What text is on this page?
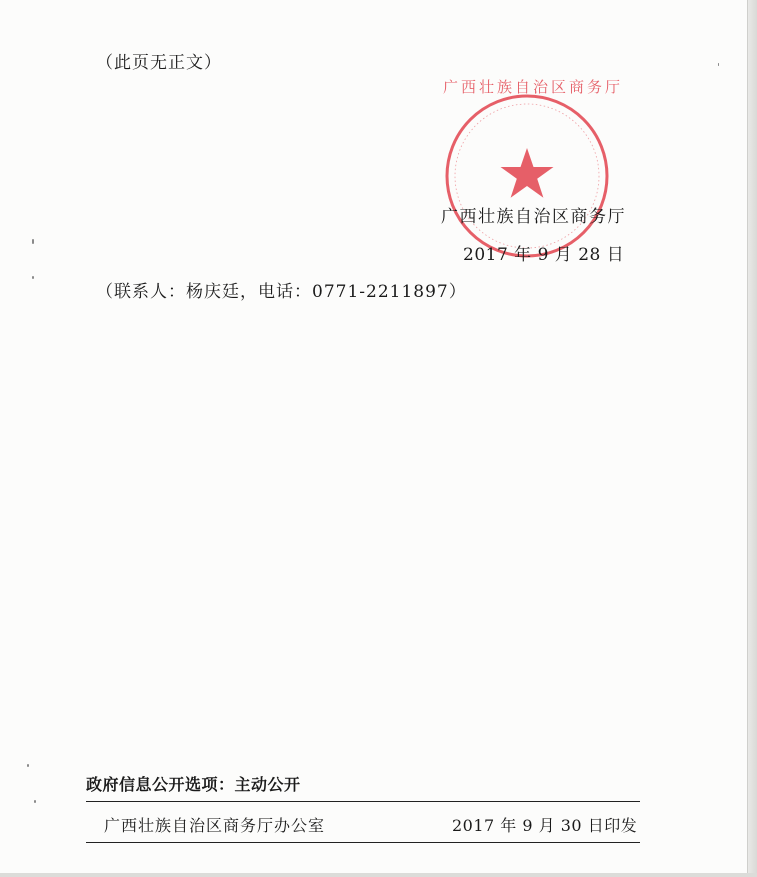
（此页无正文）
广西壮族自治区商务厅
广西壮族自治区商务厅
2017 年 9 月 28 日
（联系人：杨庆廷，电话：0771-2211897）
政府信息公开选项：主动公开
广西壮族自治区商务厅办公室	2017 年 9 月 30 日印发
